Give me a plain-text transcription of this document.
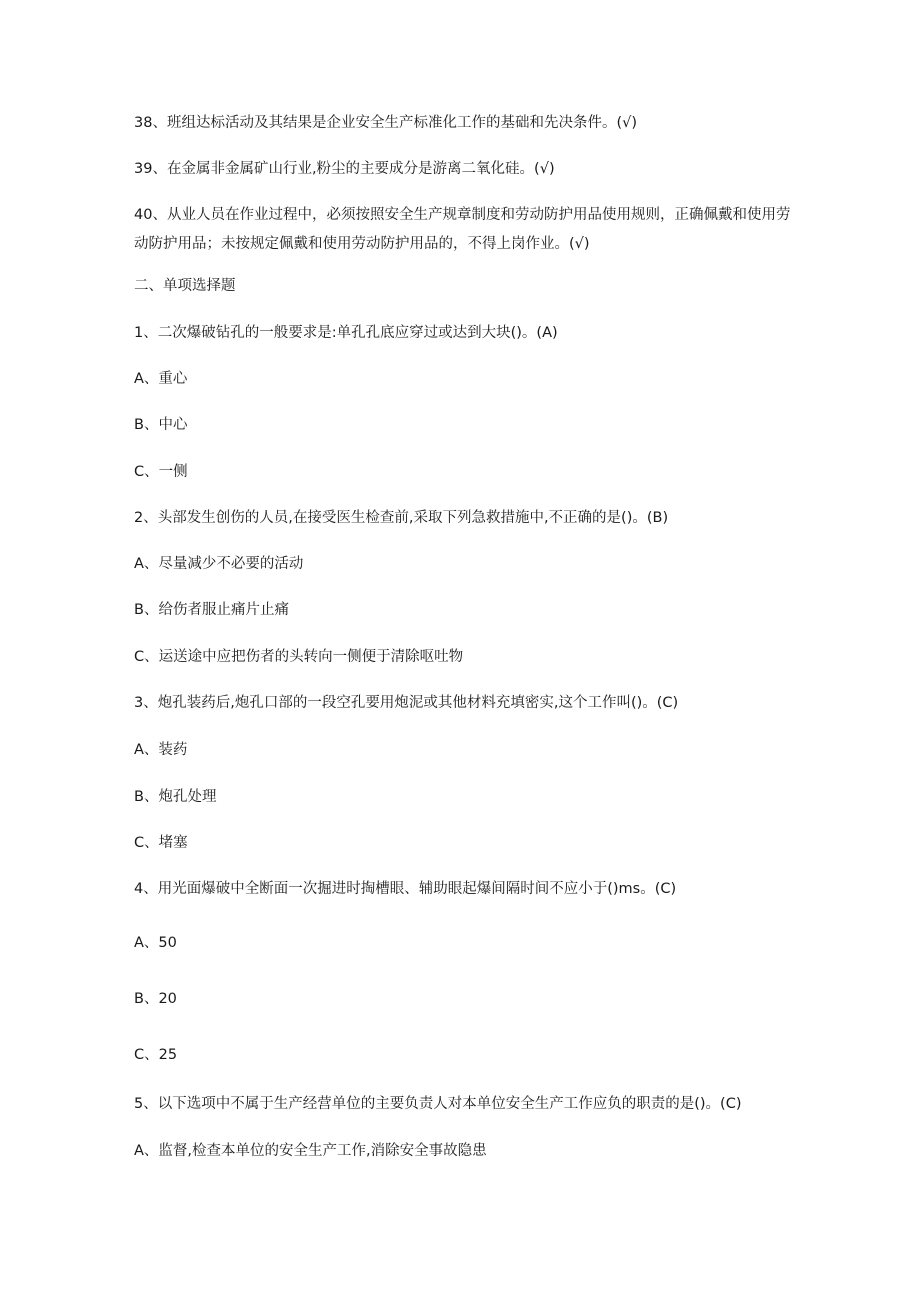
38、班组达标活动及其结果是企业安全生产标准化工作的基础和先决条件。(√)
39、在金属非金属矿山行业,粉尘的主要成分是游离二氧化硅。(√)
40、从业人员在作业过程中，必须按照安全生产规章制度和劳动防护用品使用规则，正确佩戴和使用劳动防护用品；未按规定佩戴和使用劳动防护用品的，不得上岗作业。(√)
二、单项选择题
1、二次爆破钻孔的一般要求是:单孔孔底应穿过或达到大块()。(A)
A、重心
B、中心
C、一侧
2、头部发生创伤的人员,在接受医生检查前,采取下列急救措施中,不正确的是()。(B)
A、尽量减少不必要的活动
B、给伤者服止痛片止痛
C、运送途中应把伤者的头转向一侧便于清除呕吐物
3、炮孔装药后,炮孔口部的一段空孔要用炮泥或其他材料充填密实,这个工作叫()。(C)
A、装药
B、炮孔处理
C、堵塞
4、用光面爆破中全断面一次掘进时掏槽眼、辅助眼起爆间隔时间不应小于()ms。(C)
A、50
B、20
C、25
5、以下选项中不属于生产经营单位的主要负责人对本单位安全生产工作应负的职责的是()。(C)
A、监督,检查本单位的安全生产工作,消除安全事故隐患
